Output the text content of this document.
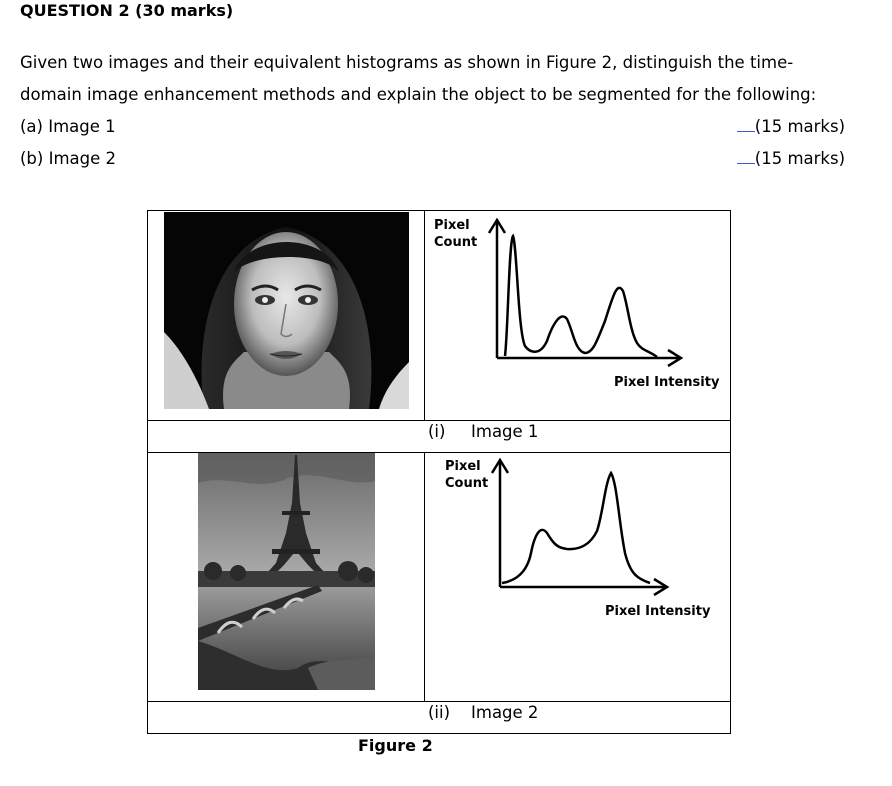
QUESTION 2 (30 marks)
Given two images and their equivalent histograms as shown in Figure 2, distinguish the time-
domain image enhancement methods and explain the object to be segmented for the following:
(a) Image 1	(15 marks)
(b) Image 2	(15 marks)
Pixel
Count
Pixel Intensity
(i) Image 1
Pixel
Count
Pixel Intensity
(ii) Image 2
Figure 2
